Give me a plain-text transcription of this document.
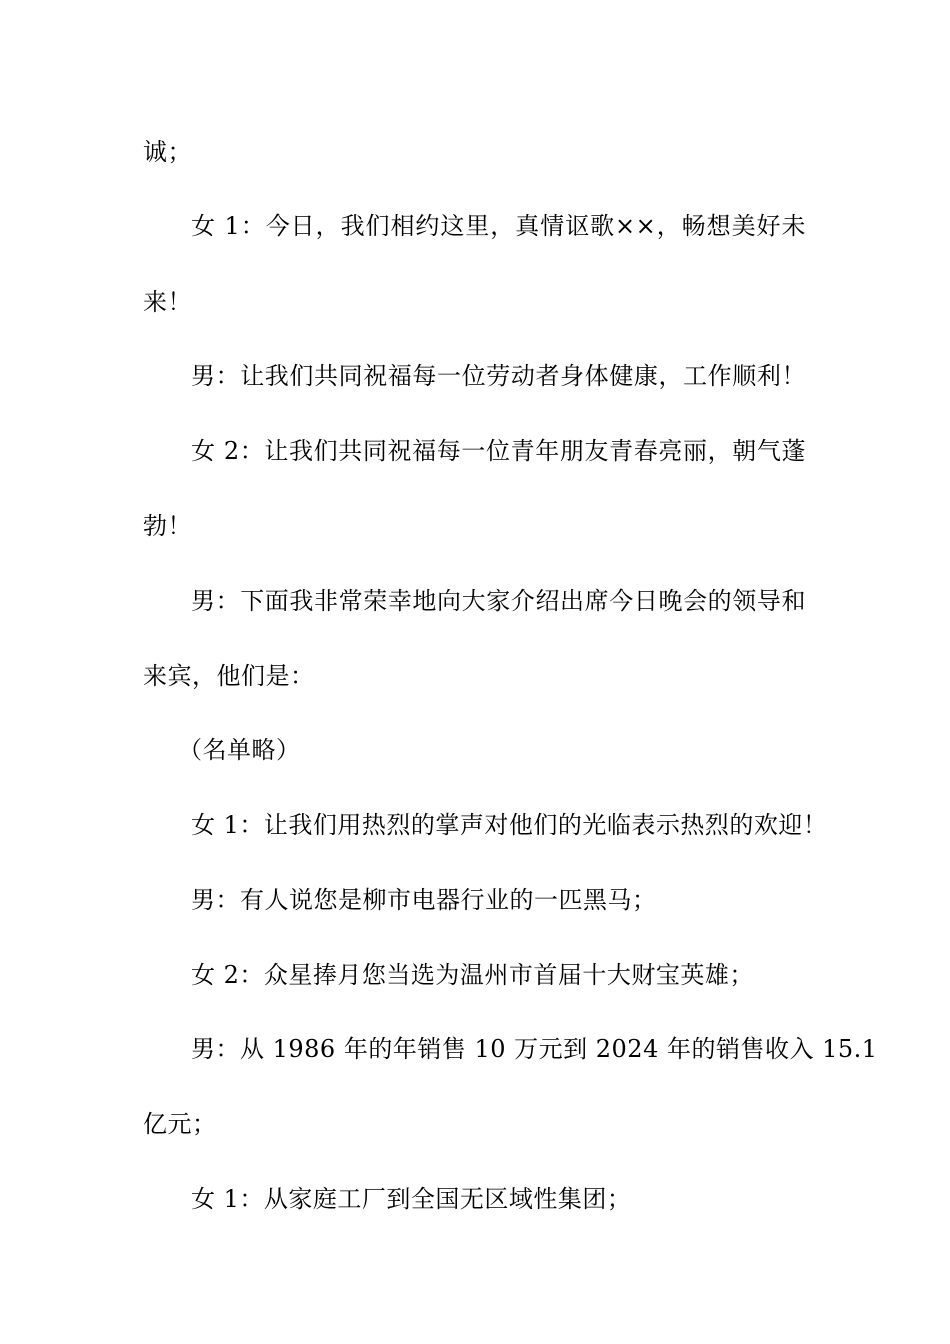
诚；
女 1：今日，我们相约这里，真情讴歌××，畅想美好未
来！
男：让我们共同祝福每一位劳动者身体健康，工作顺利！
女 2：让我们共同祝福每一位青年朋友青春亮丽，朝气蓬
勃！
男：下面我非常荣幸地向大家介绍出席今日晚会的领导和
来宾，他们是：
（名单略）
女 1：让我们用热烈的掌声对他们的光临表示热烈的欢迎！
男：有人说您是柳市电器行业的一匹黑马；
女 2：众星捧月您当选为温州市首届十大财宝英雄；
男：从 1986 年的年销售 10 万元到 2024 年的销售收入 15.1
亿元；
女 1：从家庭工厂到全国无区域性集团；
